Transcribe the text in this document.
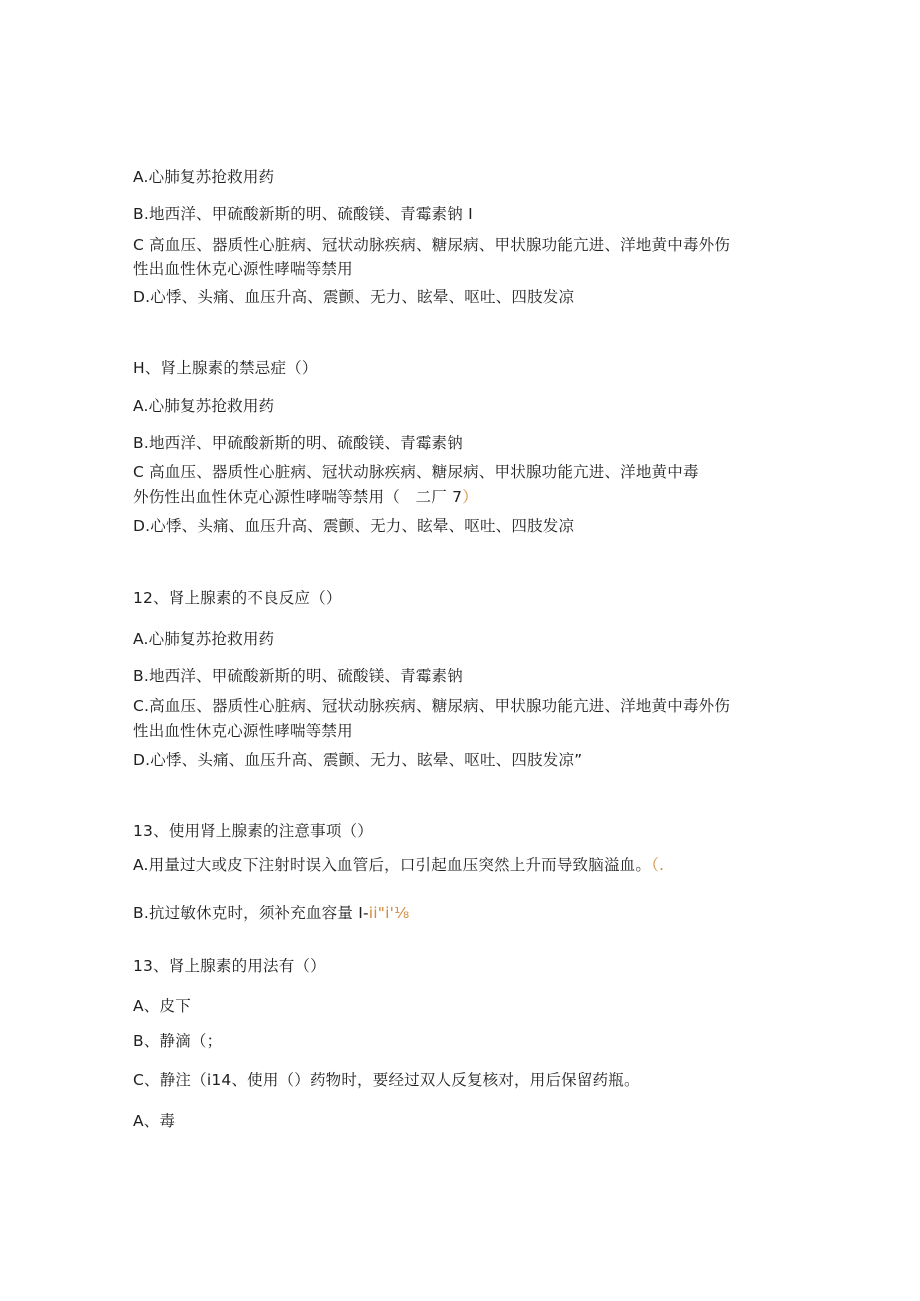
A.心肺复苏抢救用药
B.地西洋、甲硫酸新斯的明、硫酸镁、青霉素钠 I
C 高血压、器质性心脏病、冠状动脉疾病、糖尿病、甲状腺功能亢进、洋地黄中毒外伤
性出血性休克心源性哮喘等禁用
D.心悸、头痛、血压升高、震颤、无力、眩晕、呕吐、四肢发凉
H、肾上腺素的禁忌症（）
A.心肺复苏抢救用药
B.地西洋、甲硫酸新斯的明、硫酸镁、青霉素钠
C 高血压、器质性心脏病、冠状动脉疾病、糖尿病、甲状腺功能亢进、洋地黄中毒
外伤性出血性休克心源性哮喘等禁用（　二厂 7）
D.心悸、头痛、血压升高、震颤、无力、眩晕、呕吐、四肢发凉
12、肾上腺素的不良反应（）
A.心肺复苏抢救用药
B.地西洋、甲硫酸新斯的明、硫酸镁、青霉素钠
C.高血压、器质性心脏病、冠状动脉疾病、糖尿病、甲状腺功能亢进、洋地黄中毒外伤
性出血性休克心源性哮喘等禁用
D.心悸、头痛、血压升高、震颤、无力、眩晕、呕吐、四肢发凉”
13、使用肾上腺素的注意事项（）
A.用量过大或皮下注射时误入血管后，口引起血压突然上升而导致脑溢血。（.
B.抗过敏休克时，须补充血容量 I-ii"i'⅛
13、肾上腺素的用法有（）
A、皮下
B、静滴（；
C、静注（i14、使用（）药物时，要经过双人反复核对，用后保留药瓶。
A、毒
